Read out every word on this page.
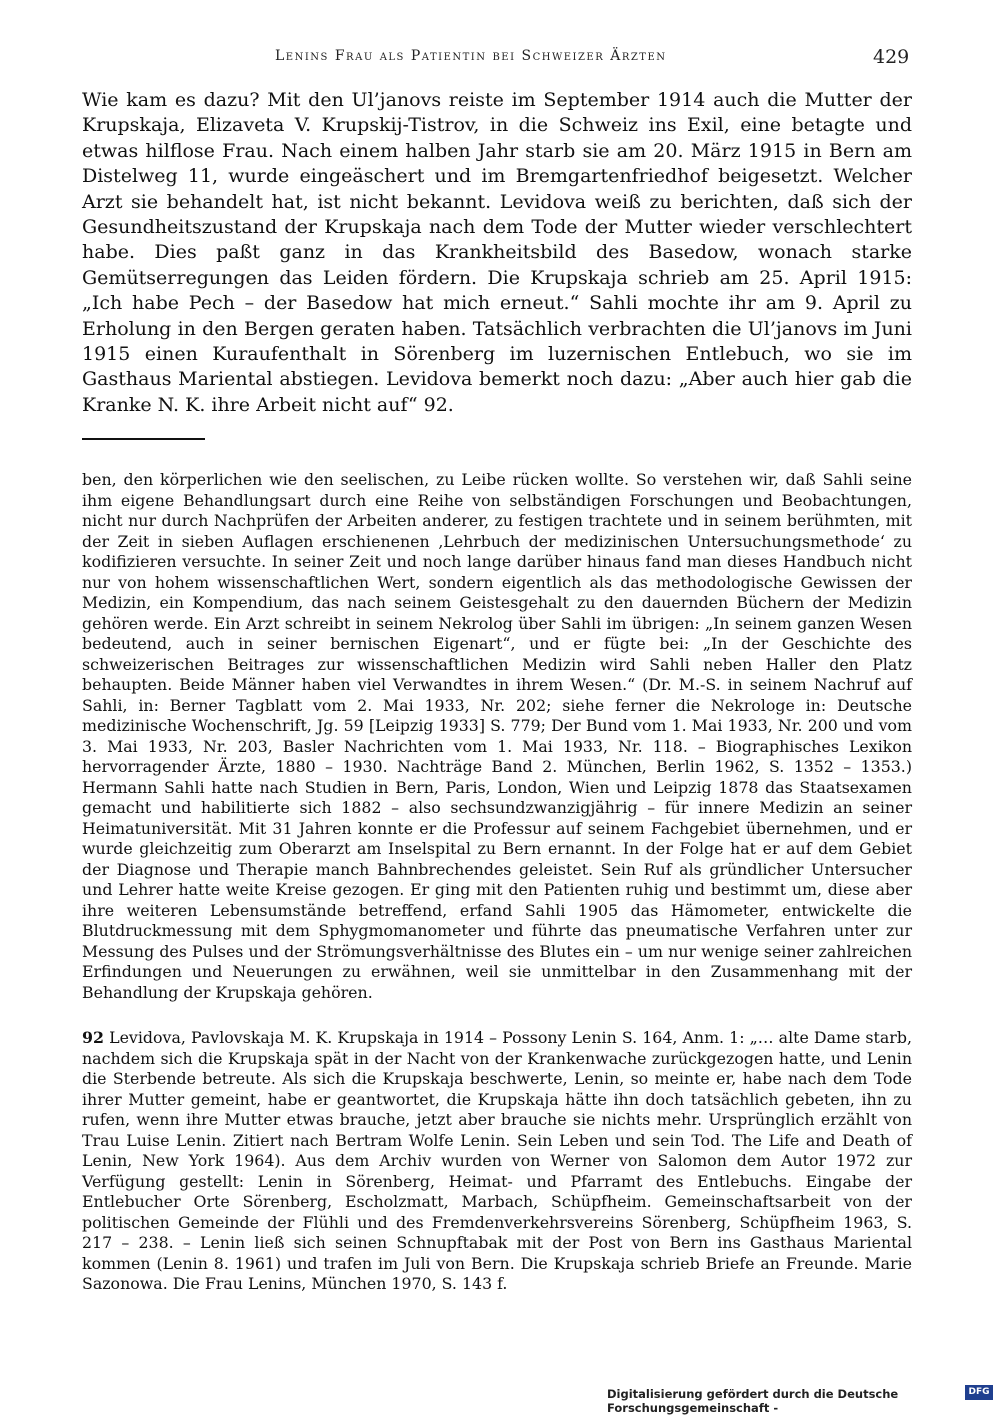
Lenins Frau als Patientin bei Schweizer Ärzten	429

Wie kam es dazu? Mit den Ul’janovs reiste im September 1914 auch die Mutter der Krupskaja, Elizaveta V. Krupskij-Tistrov, in die Schweiz ins Exil, eine betagte und etwas hilflose Frau. Nach einem halben Jahr starb sie am 20. März 1915 in Bern am Distelweg 11, wurde eingeäschert und im Bremgartenfriedhof beigesetzt. Welcher Arzt sie behandelt hat, ist nicht bekannt. Levidova weiß zu berichten, daß sich der Gesundheitszustand der Krupskaja nach dem Tode der Mutter wieder verschlechtert habe. Dies paßt ganz in das Krankheitsbild des Basedow, wonach starke Gemütserregungen das Leiden fördern. Die Krupskaja schrieb am 25. April 1915: „Ich habe Pech – der Basedow hat mich erneut.“ Sahli mochte ihr am 9. April zu Erholung in den Bergen geraten haben. Tatsächlich verbrachten die Ul’janovs im Juni 1915 einen Kuraufenthalt in Sörenberg im luzernischen Entlebuch, wo sie im Gasthaus Mariental abstiegen. Levidova bemerkt noch dazu: „Aber auch hier gab die Kranke N. K. ihre Arbeit nicht auf“ 92.

ben, den körperlichen wie den seelischen, zu Leibe rücken wollte. So verstehen wir, daß Sahli seine ihm eigene Behandlungsart durch eine Reihe von selbständigen Forschungen und Beobachtungen, nicht nur durch Nachprüfen der Arbeiten anderer, zu festigen trachtete und in seinem berühmten, mit der Zeit in sieben Auflagen erschienenen ‚Lehrbuch der medizinischen Untersuchungsmethode‘ zu kodifizieren versuchte. In seiner Zeit und noch lange darüber hinaus fand man dieses Handbuch nicht nur von hohem wissenschaftlichen Wert, sondern eigentlich als das methodologische Gewissen der Medizin, ein Kompendium, das nach seinem Geistesgehalt zu den dauernden Büchern der Medizin gehören werde. Ein Arzt schreibt in seinem Nekrolog über Sahli im übrigen: „In seinem ganzen Wesen bedeutend, auch in seiner bernischen Eigenart“, und er fügte bei: „In der Geschichte des schweizerischen Beitrages zur wissenschaftlichen Medizin wird Sahli neben Haller den Platz behaupten. Beide Männer haben viel Verwandtes in ihrem Wesen.“ (Dr. M.-S. in seinem Nachruf auf Sahli, in: Berner Tagblatt vom 2. Mai 1933, Nr. 202; siehe ferner die Nekrologe in: Deutsche medizinische Wochenschrift, Jg. 59 [Leipzig 1933] S. 779; Der Bund vom 1. Mai 1933, Nr. 200 und vom 3. Mai 1933, Nr. 203, Basler Nachrichten vom 1. Mai 1933, Nr. 118. – Biographisches Lexikon hervorragender Ärzte, 1880 – 1930. Nachträge Band 2. München, Berlin 1962, S. 1352 – 1353.) Hermann Sahli hatte nach Studien in Bern, Paris, London, Wien und Leipzig 1878 das Staatsexamen gemacht und habilitierte sich 1882 – also sechsundzwanzigjährig – für innere Medizin an seiner Heimatuniversität. Mit 31 Jahren konnte er die Professur auf seinem Fachgebiet übernehmen, und er wurde gleichzeitig zum Oberarzt am Inselspital zu Bern ernannt. In der Folge hat er auf dem Gebiet der Diagnose und Therapie manch Bahnbrechendes geleistet. Sein Ruf als gründlicher Untersucher und Lehrer hatte weite Kreise gezogen. Er ging mit den Patienten ruhig und bestimmt um, diese aber ihre weiteren Lebensumstände betreffend, erfand Sahli 1905 das Hämometer, entwickelte die Blutdruckmessung mit dem Sphygmomanometer und führte das pneumatische Verfahren unter zur Messung des Pulses und der Strömungsverhältnisse des Blutes ein – um nur wenige seiner zahlreichen Erfindungen und Neuerungen zu erwähnen, weil sie unmittelbar in den Zusammenhang mit der Behandlung der Krupskaja gehören.

92 Levidova, Pavlovskaja M. K. Krupskaja in 1914 – Possony Lenin S. 164, Anm. 1: „… alte Dame starb, nachdem sich die Krupskaja spät in der Nacht von der Krankenwache zurückgezogen hatte, und Lenin die Sterbende betreute. Als sich die Krupskaja beschwerte, Lenin, so meinte er, habe nach dem Tode ihrer Mutter gemeint, habe er geantwortet, die Krupskaja hätte ihn doch tatsächlich gebeten, ihn zu rufen, wenn ihre Mutter etwas brauche, jetzt aber brauche sie nichts mehr. Ursprünglich erzählt von Trau Luise Lenin. Zitiert nach Bertram Wolfe Lenin. Sein Leben und sein Tod. The Life and Death of Lenin, New York 1964). Aus dem Archiv wurden von Werner von Salomon dem Autor 1972 zur Verfügung gestellt: Lenin in Sörenberg, Heimat- und Pfarramt des Entlebuchs. Eingabe der Entlebucher Orte Sörenberg, Escholzmatt, Marbach, Schüpfheim. Gemeinschaftsarbeit von der politischen Gemeinde der Flühli und des Fremdenverkehrsvereins Sörenberg, Schüpfheim 1963, S. 217 – 238. – Lenin ließ sich seinen Schnupftabak mit der Post von Bern ins Gasthaus Mariental kommen (Lenin 8. 1961) und trafen im Juli von Bern. Die Krupskaja schrieb Briefe an Freunde. Marie Sazonowa. Die Frau Lenins, München 1970, S. 143 f.

Digitalisierung gefördert durch die Deutsche Forschungsgemeinschaft -
DFG
